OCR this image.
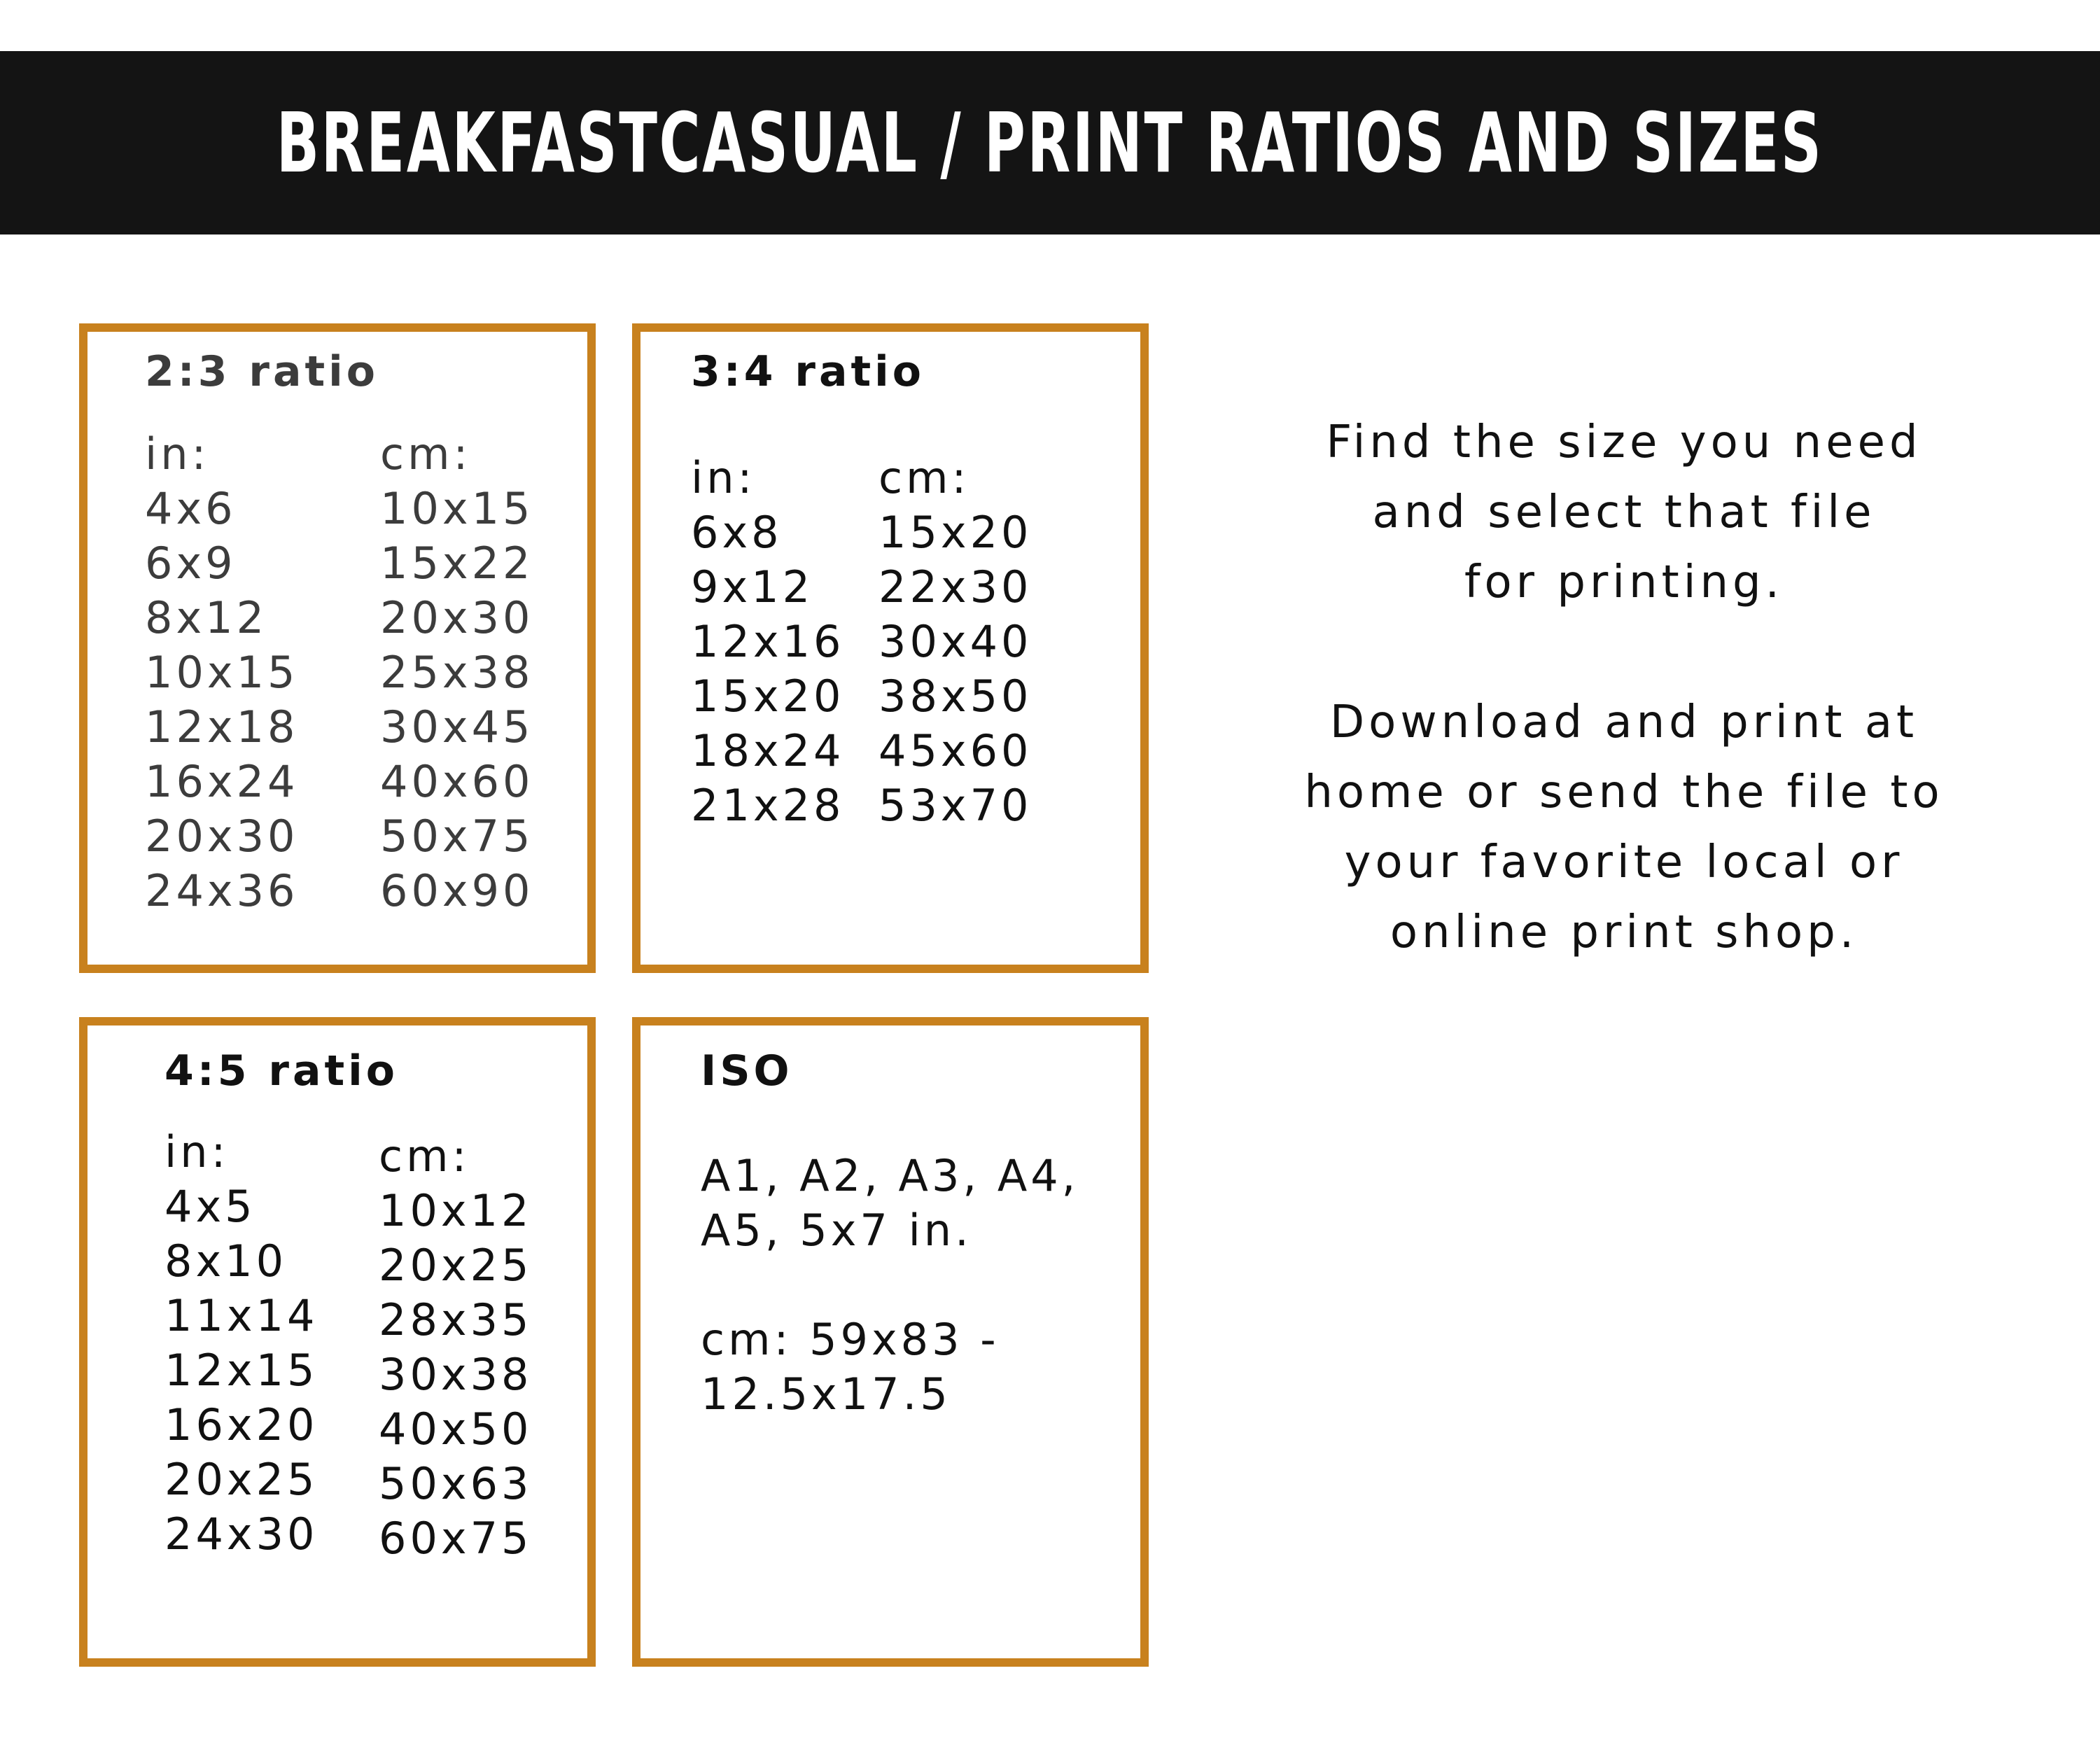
BREAKFASTCASUAL / PRINT RATIOS AND SIZES
2:3 ratio
in:
4x6
6x9
8x12
10x15
12x18
16x24
20x30
24x36
cm:
10x15
15x22
20x30
25x38
30x45
40x60
50x75
60x90
3:4 ratio
in:
6x8
9x12
12x16
15x20
18x24
21x28
cm:
15x20
22x30
30x40
38x50
45x60
53x70
4:5 ratio
in:
4x5
8x10
11x14
12x15
16x20
20x25
24x30
cm:
10x12
20x25
28x35
30x38
40x50
50x63
60x75
ISO
A1, A2, A3, A4,
A5, 5x7 in.
cm: 59x83 -
12.5x17.5
Find the size you need
and select that file
for printing.
Download and print at
home or send the file to
your favorite local or
online print shop.
